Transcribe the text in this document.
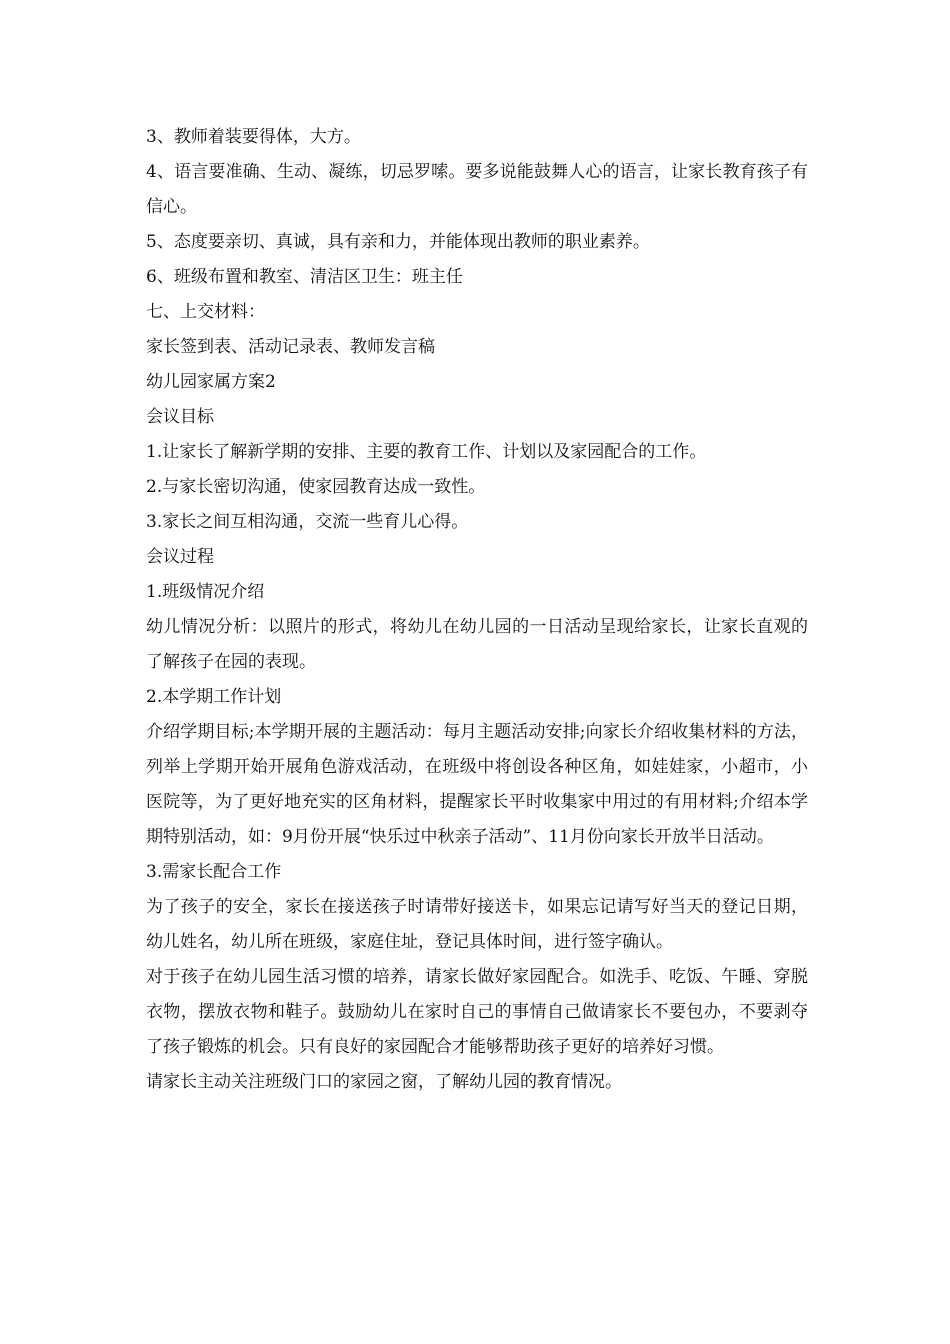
3、教师着装要得体，大方。

4、语言要准确、生动、凝练，切忌罗嗦。要多说能鼓舞人心的语言，让家长教育孩子有信心。

5、态度要亲切、真诚，具有亲和力，并能体现出教师的职业素养。

6、班级布置和教室、清洁区卫生：班主任

七、上交材料：

家长签到表、活动记录表、教师发言稿

幼儿园家属方案2

会议目标

1.让家长了解新学期的安排、主要的教育工作、计划以及家园配合的工作。

2.与家长密切沟通，使家园教育达成一致性。

3.家长之间互相沟通，交流一些育儿心得。

会议过程

1.班级情况介绍

幼儿情况分析：以照片的形式，将幼儿在幼儿园的一日活动呈现给家长，让家长直观的了解孩子在园的表现。

2.本学期工作计划

介绍学期目标;本学期开展的主题活动：每月主题活动安排;向家长介绍收集材料的方法，列举上学期开始开展角色游戏活动，在班级中将创设各种区角，如娃娃家，小超市，小医院等，为了更好地充实的区角材料，提醒家长平时收集家中用过的有用材料;介绍本学期特别活动，如：9月份开展“快乐过中秋亲子活动”、11月份向家长开放半日活动。

3.需家长配合工作

为了孩子的安全，家长在接送孩子时请带好接送卡，如果忘记请写好当天的登记日期，幼儿姓名，幼儿所在班级，家庭住址，登记具体时间，进行签字确认。

对于孩子在幼儿园生活习惯的培养，请家长做好家园配合。如洗手、吃饭、午睡、穿脱衣物，摆放衣物和鞋子。鼓励幼儿在家时自己的事情自己做请家长不要包办，不要剥夺了孩子锻炼的机会。只有良好的家园配合才能够帮助孩子更好的培养好习惯。

请家长主动关注班级门口的家园之窗，了解幼儿园的教育情况。
